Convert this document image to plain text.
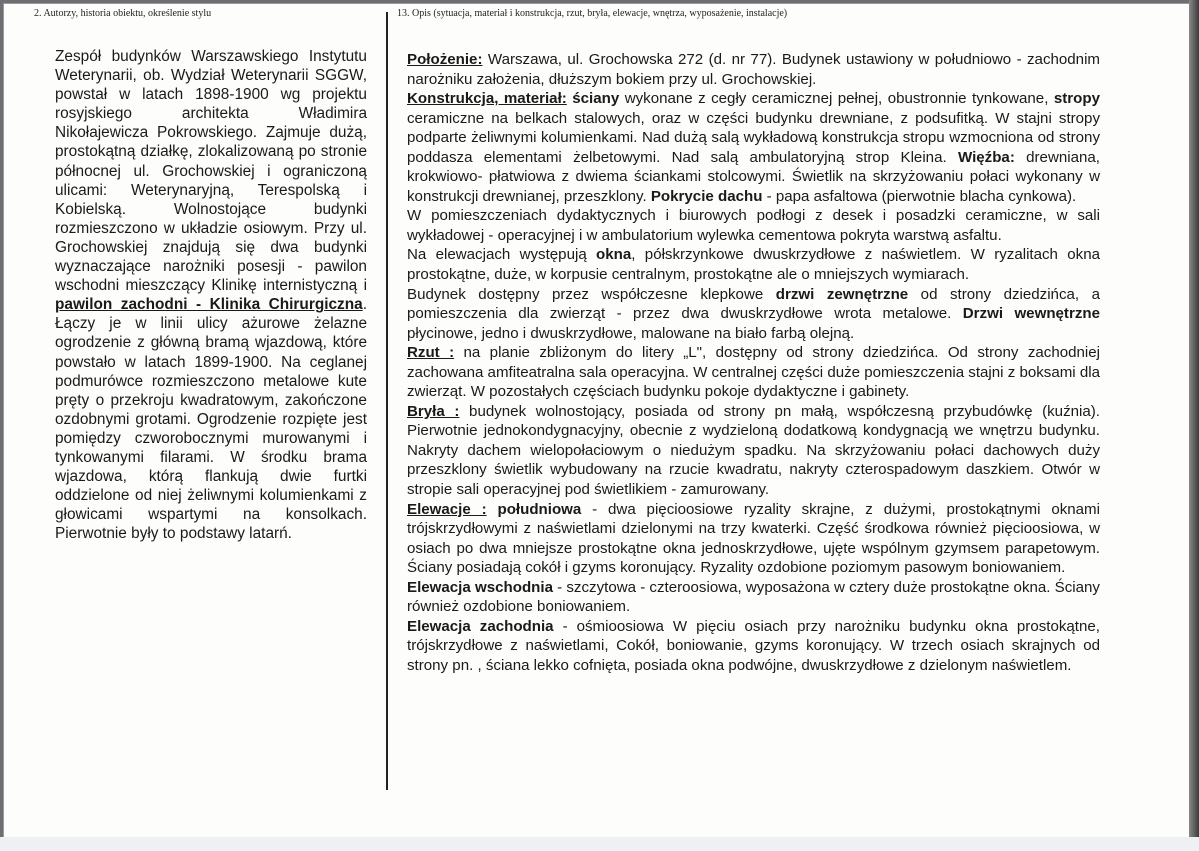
2. Autorzy, historia obiektu, określenie stylu	13. Opis (sytuacja, materiał i konstrukcja, rzut, bryła, elewacje, wnętrza, wyposażenie, instalacje)

Zespół budynków Warszawskiego Instytutu Weterynarii, ob. Wydział Weterynarii SGGW, powstał w latach 1898-1900 wg projektu rosyjskiego architekta Władimira Nikołajewicza Pokrowskiego. Zajmuje dużą, prostokątną działkę, zlokalizowaną po stronie północnej ul. Grochowskiej i ograniczoną ulicami: Weterynaryjną, Terespolską i Kobielską. Wolnostojące budynki rozmieszczono w układzie osiowym. Przy ul. Grochowskiej znajdują się dwa budynki wyznaczające narożniki posesji - pawilon wschodni mieszczący Klinikę internistyczną i pawilon zachodni - Klinika Chirurgiczna. Łączy je w linii ulicy ażurowe żelazne ogrodzenie z główną bramą wjazdową, które powstało w latach 1899-1900. Na ceglanej podmurówce rozmieszczono metalowe kute pręty o przekroju kwadratowym, zakończone ozdobnymi grotami. Ogrodzenie rozpięte jest pomiędzy czworobocznymi murowanymi i tynkowanymi filarami. W środku brama wjazdowa, którą flankują dwie furtki oddzielone od niej żeliwnymi kolumienkami z głowicami wspartymi na konsolkach. Pierwotnie były to podstawy latarń.

Położenie: Warszawa, ul. Grochowska 272 (d. nr 77). Budynek ustawiony w południowo - zachodnim narożniku założenia, dłuższym bokiem przy ul. Grochowskiej.

Konstrukcja, materiał: ściany wykonane z cegły ceramicznej pełnej, obustronnie tynkowane, stropy ceramiczne na belkach stalowych, oraz w części budynku drewniane, z podsufitką. W stajni stropy podparte żeliwnymi kolumienkami. Nad dużą salą wykładową konstrukcja stropu wzmocniona od strony poddasza elementami żelbetowymi. Nad salą ambulatoryjną strop Kleina. Więźba: drewniana, krokwiowo- płatwiowa z dwiema ściankami stolcowymi. Świetlik na skrzyżowaniu połaci wykonany w konstrukcji drewnianej, przeszklony. Pokrycie dachu - papa asfaltowa (pierwotnie blacha cynkowa).

W pomieszczeniach dydaktycznych i biurowych podłogi z desek i posadzki ceramiczne, w sali wykładowej - operacyjnej i w ambulatorium wylewka cementowa pokryta warstwą asfaltu.

Na elewacjach występują okna, półskrzynkowe dwuskrzydłowe z naświetlem. W ryzalitach okna prostokątne, duże, w korpusie centralnym, prostokątne ale o mniejszych wymiarach.

Budynek dostępny przez współczesne klepkowe drzwi zewnętrzne od strony dziedzińca, a pomieszczenia dla zwierząt - przez dwa dwuskrzydłowe wrota metalowe. Drzwi wewnętrzne płycinowe, jedno i dwuskrzydłowe, malowane na biało farbą olejną.

Rzut : na planie zbliżonym do litery „L", dostępny od strony dziedzińca. Od strony zachodniej zachowana amfiteatralna sala operacyjna. W centralnej części duże pomieszczenia stajni z boksami dla zwierząt. W pozostałych częściach budynku pokoje dydaktyczne i gabinety.

Bryła : budynek wolnostojący, posiada od strony pn małą, współczesną przybudówkę (kuźnia). Pierwotnie jednokondygnacyjny, obecnie z wydzieloną dodatkową kondygnacją we wnętrzu budynku. Nakryty dachem wielopołaciowym o niedużym spadku. Na skrzyżowaniu połaci dachowych duży przeszklony świetlik wybudowany na rzucie kwadratu, nakryty czterospadowym daszkiem. Otwór w stropie sali operacyjnej pod świetlikiem - zamurowany.

Elewacje : południowa - dwa pięcioosiowe ryzality skrajne, z dużymi, prostokątnymi oknami trójskrzydłowymi z naświetlami dzielonymi na trzy kwaterki. Część środkowa również pięcioosiowa, w osiach po dwa mniejsze prostokątne okna jednoskrzydłowe, ujęte wspólnym gzymsem parapetowym. Ściany posiadają cokół i gzyms koronujący. Ryzality ozdobione poziomym pasowym boniowaniem.

Elewacja wschodnia - szczytowa - czteroosiowa, wyposażona w cztery duże prostokątne okna. Ściany również ozdobione boniowaniem.

Elewacja zachodnia - ośmioosiowa W pięciu osiach przy narożniku budynku okna prostokątne, trójskrzydłowe z naświetlami, Cokół, boniowanie, gzyms koronujący. W trzech osiach skrajnych od strony pn. , ściana lekko cofnięta, posiada okna podwójne, dwuskrzydłowe z dzielonym naświetlem.
